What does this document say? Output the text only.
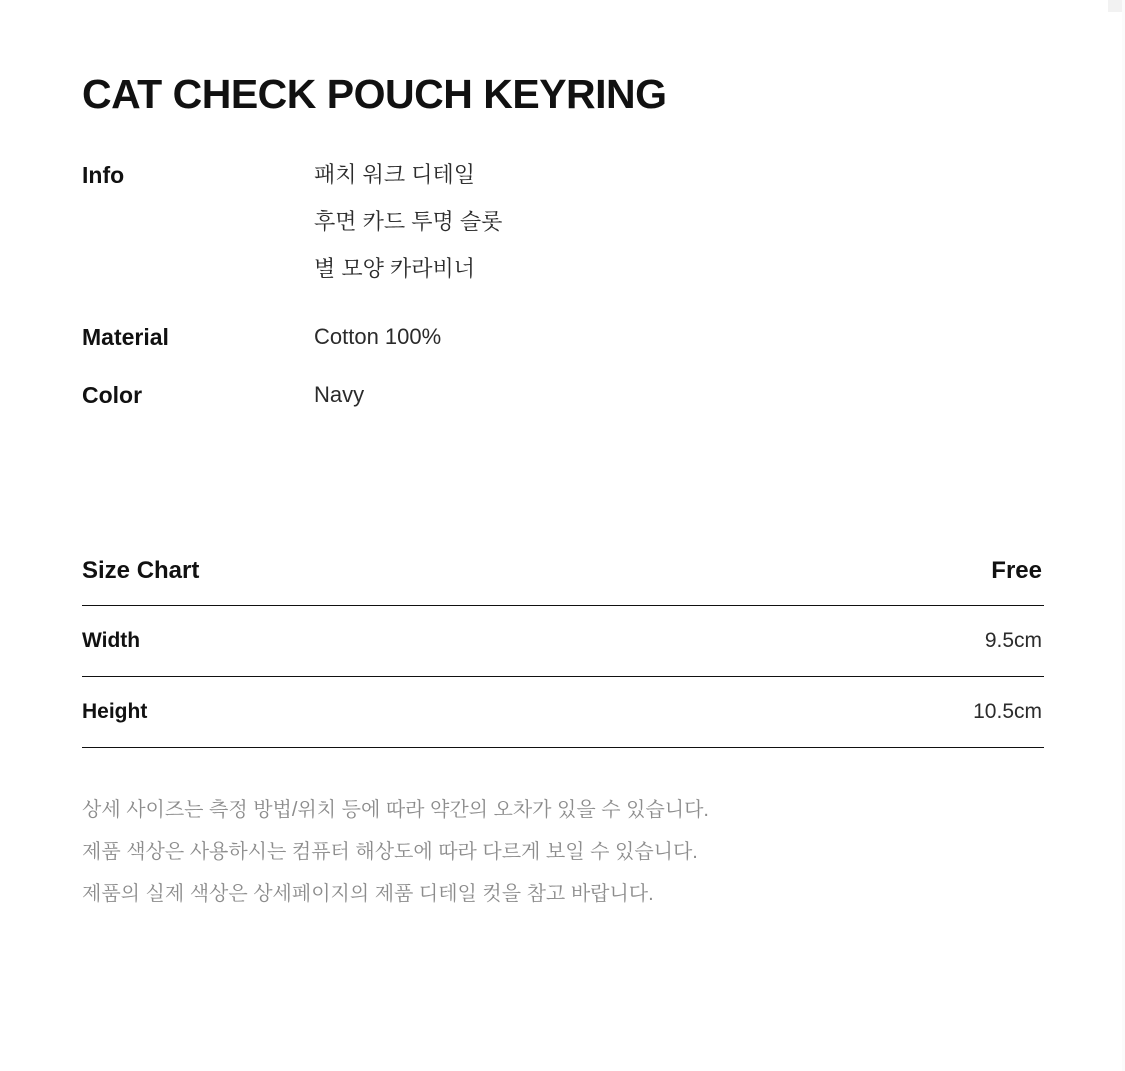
CAT CHECK POUCH KEYRING
Info	패치 워크 디테일
후면 카드 투명 슬롯
별 모양 카라비너
Material	Cotton 100%
Color	Navy
Size Chart	Free
Width	9.5cm
Height	10.5cm
상세 사이즈는 측정 방법/위치 등에 따라 약간의 오차가 있을 수 있습니다.
제품 색상은 사용하시는 컴퓨터 해상도에 따라 다르게 보일 수 있습니다.
제품의 실제 색상은 상세페이지의 제품 디테일 컷을 참고 바랍니다.
